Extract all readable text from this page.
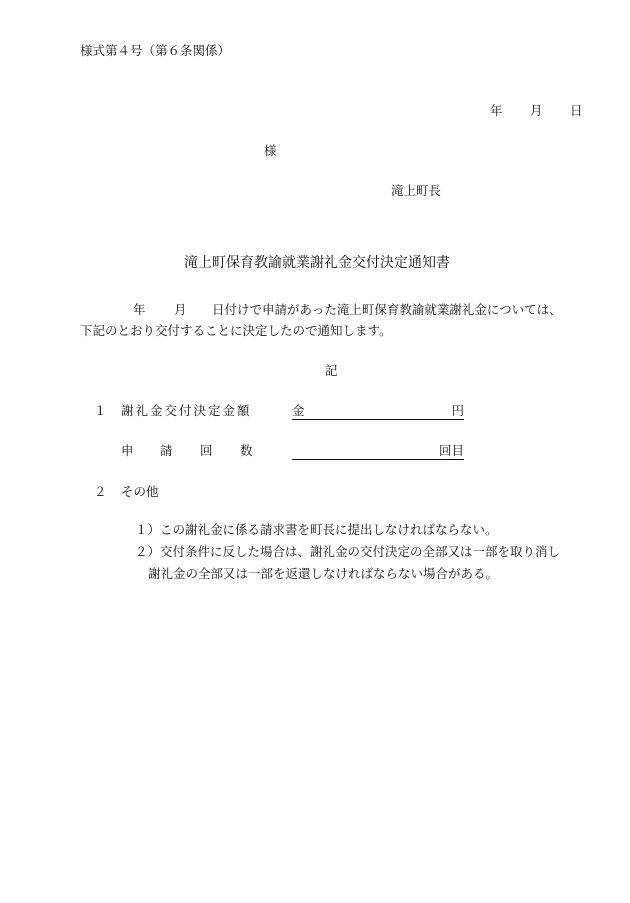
様式第４号（第６条関係）
年 月 日
様
滝上町長
滝上町保育教諭就業謝礼金交付決定通知書
年 月 日付けで申請があった滝上町保育教諭就業謝礼金については、
下記のとおり交付することに決定したので通知します。
記
１ 謝礼金交付決定金額	金	円
申 請 回 数	回目
２ その他
１） この謝礼金に係る請求書を町長に提出しなければならない。
２） 交付条件に反した場合は、謝礼金の交付決定の全部又は一部を取り消し
謝礼金の全部又は一部を返還しなければならない場合がある。
